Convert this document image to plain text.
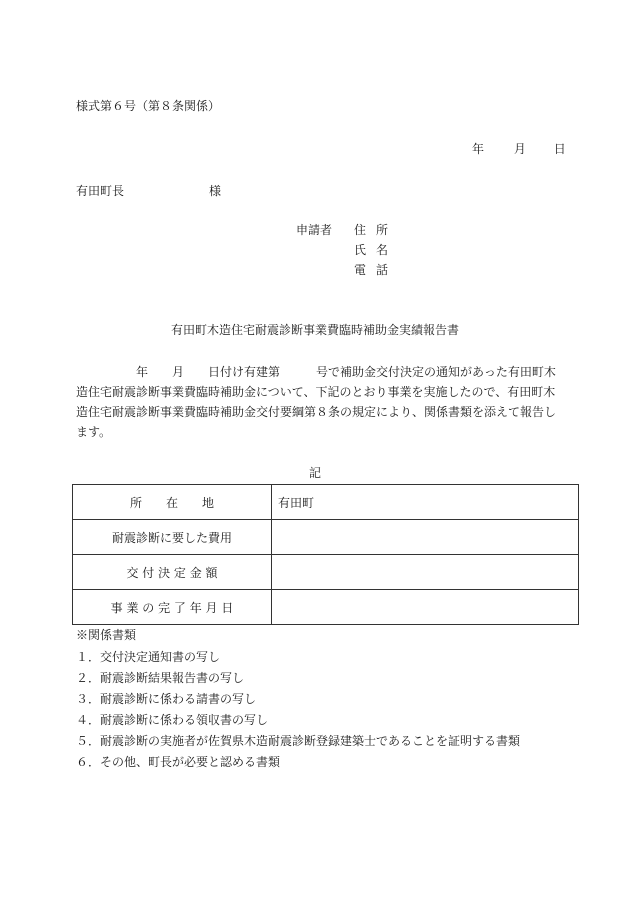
様式第６号（第８条関係）
年 月 日
有田町長	様
申請者 住所
氏名
電話
有田町木造住宅耐震診断事業費臨時補助金実績報告書
年　　月　　日付け有建第　　　号で補助金交付決定の通知があった有田町木
造住宅耐震診断事業費臨時補助金について、下記のとおり事業を実施したので、有田町木
造住宅耐震診断事業費臨時補助金交付要綱第８条の規定により、関係書類を添えて報告し
ます。
記
所　　在　　地	有田町
耐震診断に要した費用	
交 付 決 定 金 額	
事 業 の 完 了 年 月 日	
※関係書類
１．交付決定通知書の写し
２．耐震診断結果報告書の写し
３．耐震診断に係わる請書の写し
４．耐震診断に係わる領収書の写し
５．耐震診断の実施者が佐賀県木造耐震診断登録建築士であることを証明する書類
６．その他、町長が必要と認める書類
